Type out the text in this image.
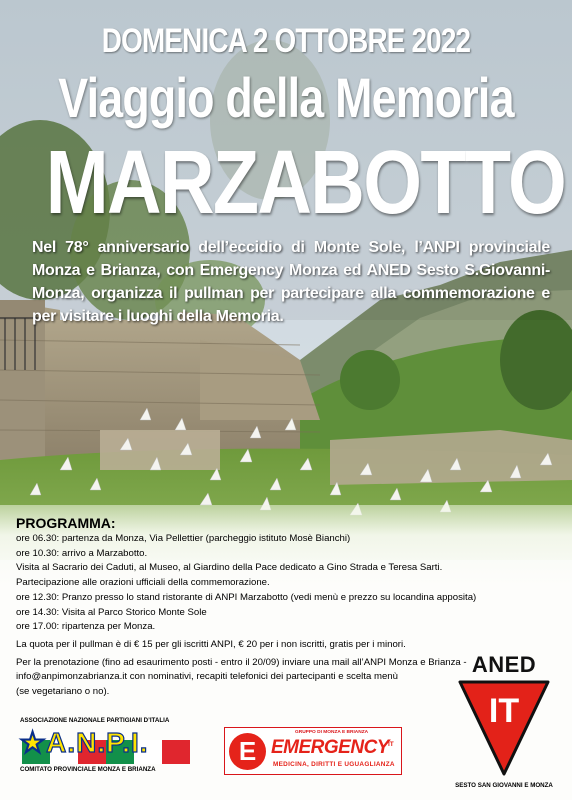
DOMENICA 2 OTTOBRE 2022
Viaggio della Memoria
MARZABOTTO
Nel 78° anniversario dell’eccidio di Monte Sole, l’ANPI provinciale Monza e Brianza, con Emergency Monza ed ANED Sesto S.Giovanni-Monza, organizza il pullman per partecipare alla commemorazione e per visitare i luoghi della Memoria.
PROGRAMMA:
ore 06.30: partenza da Monza, Via Pellettier (parcheggio istituto Mosè Bianchi)
ore 10.30: arrivo a Marzabotto.
Visita al Sacrario dei Caduti, al Museo, al Giardino della Pace dedicato a Gino Strada e Teresa Sarti.
Partecipazione alle orazioni ufficiali della commemorazione.
ore 12.30: Pranzo presso lo stand ristorante di ANPI Marzabotto (vedi menù e prezzo su locandina apposita)
ore 14.30: Visita al Parco Storico Monte Sole
ore 17.00: ripartenza per Monza.
La quota per il pullman è di € 15 per gli iscritti ANPI, € 20 per i non iscritti, gratis per i minori.
Per la prenotazione (fino ad esaurimento posti - entro il 20/09) inviare una mail all’ANPI Monza e Brianza -
info@anpimonzabrianza.it con nominativi, recapiti telefonici dei partecipanti e scelta menù
(se vegetariano o no).
ASSOCIAZIONE NAZIONALE PARTIGIANI D’ITALIA
★A.N.P.I.
COMITATO PROVINCIALE MONZA E BRIANZA
GRUPPO DI MONZA E BRIANZA
E EMERGENCY IT
MEDICINA, DIRITTI E UGUAGLIANZA
ANED
IT
SESTO SAN GIOVANNI E MONZA
